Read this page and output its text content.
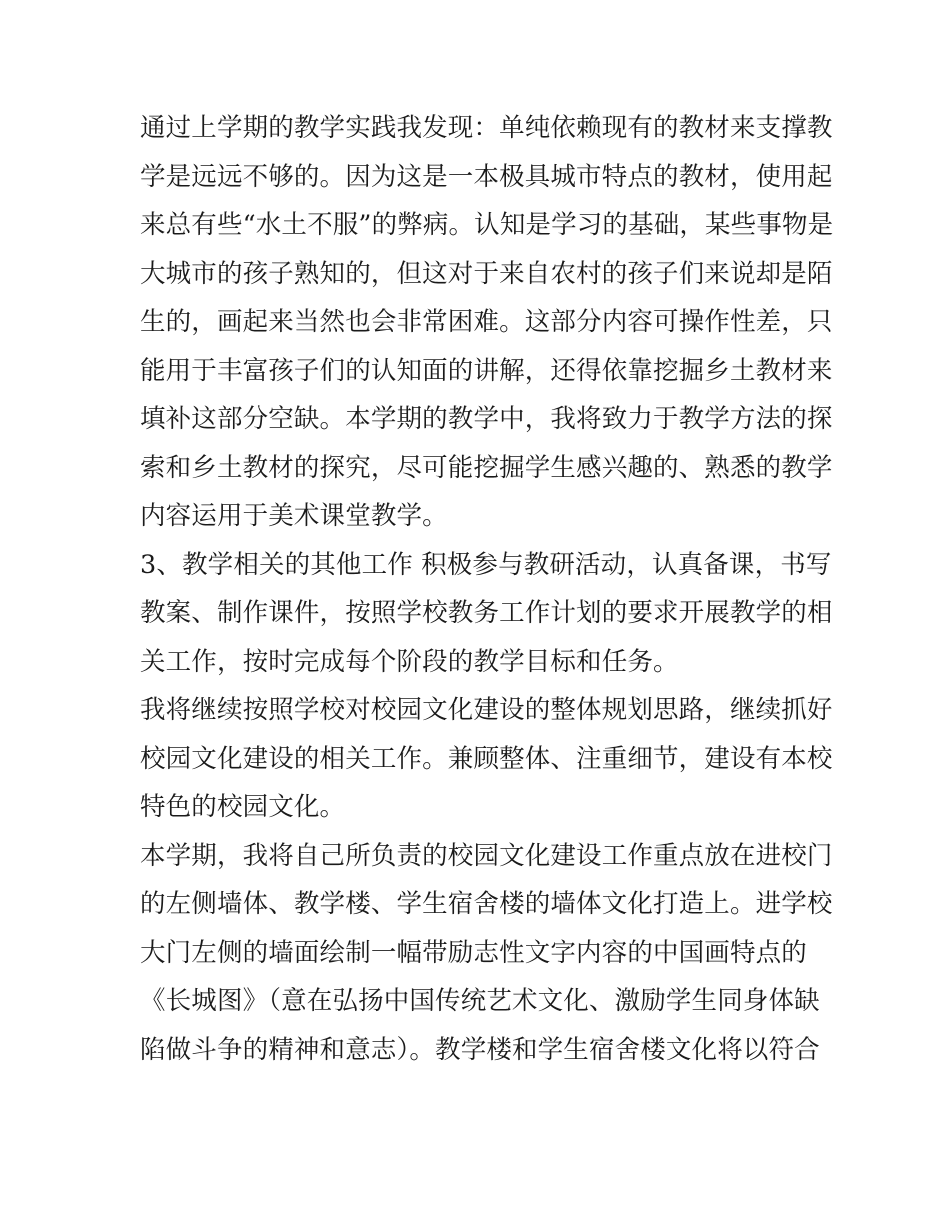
通过上学期的教学实践我发现：单纯依赖现有的教材来支撑教
学是远远不够的。因为这是一本极具城市特点的教材，使用起
来总有些“水土不服”的弊病。认知是学习的基础，某些事物是
大城市的孩子熟知的，但这对于来自农村的孩子们来说却是陌
生的，画起来当然也会非常困难。这部分内容可操作性差，只
能用于丰富孩子们的认知面的讲解，还得依靠挖掘乡土教材来
填补这部分空缺。本学期的教学中，我将致力于教学方法的探
索和乡土教材的探究，尽可能挖掘学生感兴趣的、熟悉的教学
内容运用于美术课堂教学。
3、教学相关的其他工作 积极参与教研活动，认真备课，书写
教案、制作课件，按照学校教务工作计划的要求开展教学的相
关工作，按时完成每个阶段的教学目标和任务。
我将继续按照学校对校园文化建设的整体规划思路，继续抓好
校园文化建设的相关工作。兼顾整体、注重细节，建设有本校
特色的校园文化。
本学期，我将自己所负责的校园文化建设工作重点放在进校门
的左侧墙体、教学楼、学生宿舍楼的墙体文化打造上。进学校
大门左侧的墙面绘制一幅带励志性文字内容的中国画特点的
《长城图》（意在弘扬中国传统艺术文化、激励学生同身体缺
陷做斗争的精神和意志）。教学楼和学生宿舍楼文化将以符合
